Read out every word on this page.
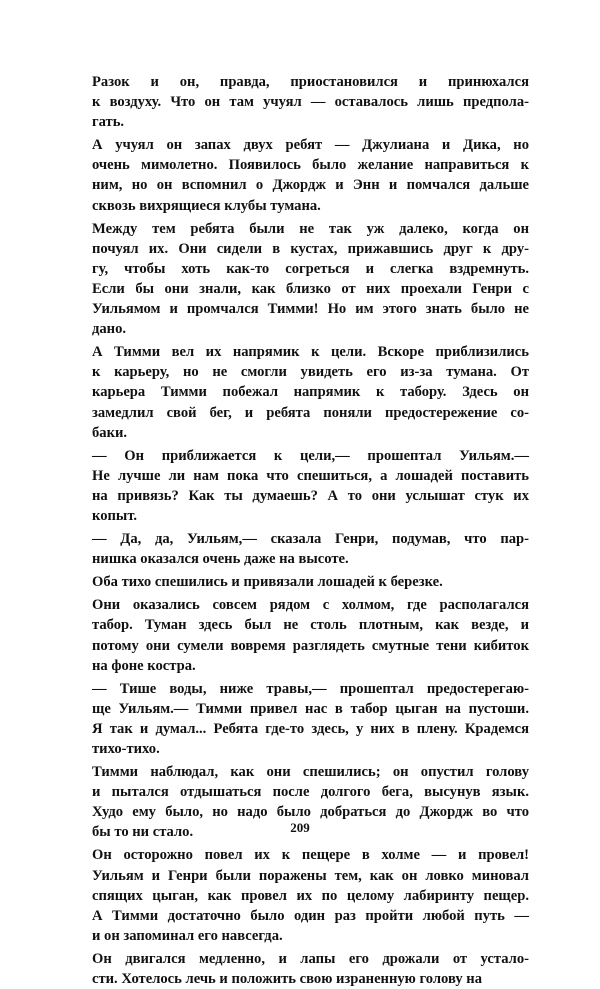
Разок и он, правда, приостановился и принюхался
к воздуху. Что он там учуял — оставалось лишь предпола-
гать.

А учуял он запах двух ребят — Джулиана и Дика, но
очень мимолетно. Появилось было желание направиться к
ним, но он вспомнил о Джордж и Энн и помчался дальше
сквозь вихрящиеся клубы тумана.

Между тем ребята были не так уж далеко, когда он
почуял их. Они сидели в кустах, прижавшись друг к дру-
гу, чтобы хоть как-то согреться и слегка вздремнуть.
Если бы они знали, как близко от них проехали Генри с
Уильямом и промчался Тимми! Но им этого знать было не
дано.

А Тимми вел их напрямик к цели. Вскоре приблизились
к карьеру, но не смогли увидеть его из-за тумана. От
карьера Тимми побежал напрямик к табору. Здесь он
замедлил свой бег, и ребята поняли предостережение со-
баки.

— Он приближается к цели,— прошептал Уильям.—
Не лучше ли нам пока что спешиться, а лошадей поставить
на привязь? Как ты думаешь? А то они услышат стук их
копыт.

— Да, да, Уильям,— сказала Генри, подумав, что пар-
нишка оказался очень даже на высоте.

Оба тихо спешились и привязали лошадей к березке.

Они оказались совсем рядом с холмом, где располагался
табор. Туман здесь был не столь плотным, как везде, и
потому они сумели вовремя разглядеть смутные тени кибиток
на фоне костра.

— Тише воды, ниже травы,— прошептал предостерегаю-
ще Уильям.— Тимми привел нас в табор цыган на пустоши.
Я так и думал... Ребята где-то здесь, у них в плену. Крадемся
тихо-тихо.

Тимми наблюдал, как они спешились; он опустил голову
и пытался отдышаться после долгого бега, высунув язык.
Худо ему было, но надо было добраться до Джордж во что
бы то ни стало.

Он осторожно повел их к пещере в холме — и провел!
Уильям и Генри были поражены тем, как он ловко миновал
спящих цыган, как провел их по целому лабиринту пещер.
А Тимми достаточно было один раз пройти любой путь —
и он запоминал его навсегда.

Он двигался медленно, и лапы его дрожали от устало-
сти. Хотелось лечь и положить свою израненную голову на

209
